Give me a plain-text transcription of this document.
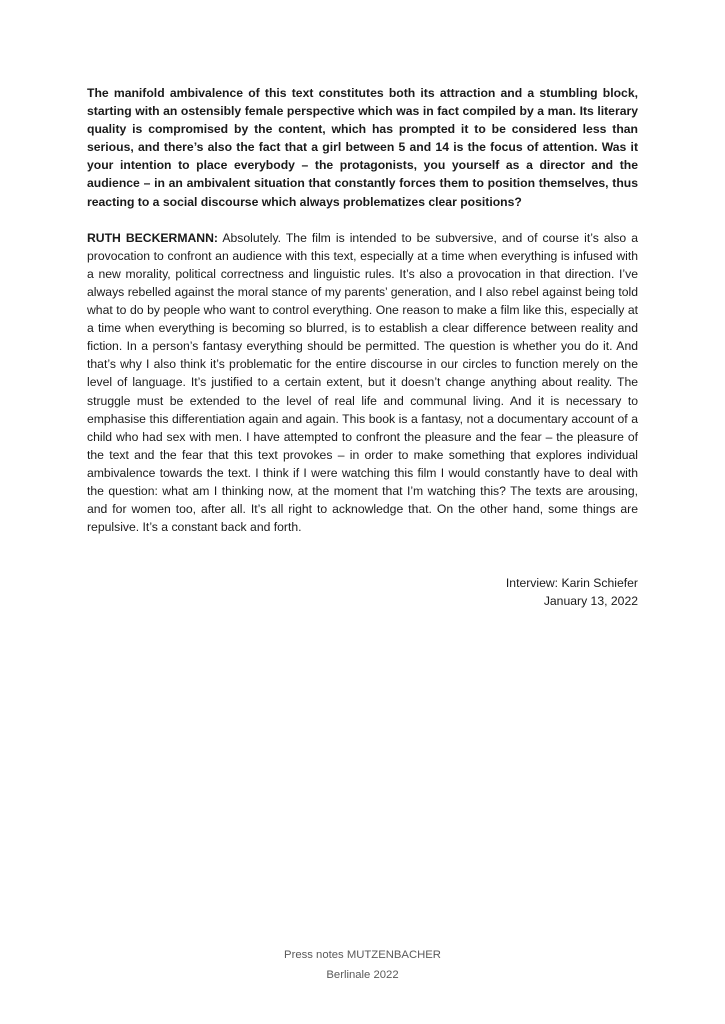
The manifold ambivalence of this text constitutes both its attraction and a stumbling block, starting with an ostensibly female perspective which was in fact compiled by a man. Its literary quality is compromised by the content, which has prompted it to be considered less than serious, and there’s also the fact that a girl between 5 and 14 is the focus of attention. Was it your intention to place everybody – the protagonists, you yourself as a director and the audience – in an ambivalent situation that constantly forces them to position themselves, thus reacting to a social discourse which always problematizes clear positions?

RUTH BECKERMANN: Absolutely. The film is intended to be subversive, and of course it’s also a provocation to confront an audience with this text, especially at a time when everything is infused with a new morality, political correctness and linguistic rules. It’s also a provocation in that direction. I’ve always rebelled against the moral stance of my parents’ generation, and I also rebel against being told what to do by people who want to control everything. One reason to make a film like this, especially at a time when everything is becoming so blurred, is to establish a clear difference between reality and fiction. In a person’s fantasy everything should be permitted. The question is whether you do it. And that’s why I also think it’s problematic for the entire discourse in our circles to function merely on the level of language. It’s justified to a certain extent, but it doesn’t change anything about reality. The struggle must be extended to the level of real life and communal living. And it is necessary to emphasise this differentiation again and again. This book is a fantasy, not a documentary account of a child who had sex with men. I have attempted to confront the pleasure and the fear – the pleasure of the text and the fear that this text provokes – in order to make something that explores individual ambivalence towards the text. I think if I were watching this film I would constantly have to deal with the question: what am I thinking now, at the moment that I’m watching this? The texts are arousing, and for women too, after all. It’s all right to acknowledge that. On the other hand, some things are repulsive. It’s a constant back and forth.

Interview: Karin Schiefer
January 13, 2022
Press notes MUTZENBACHER
Berlinale 2022
